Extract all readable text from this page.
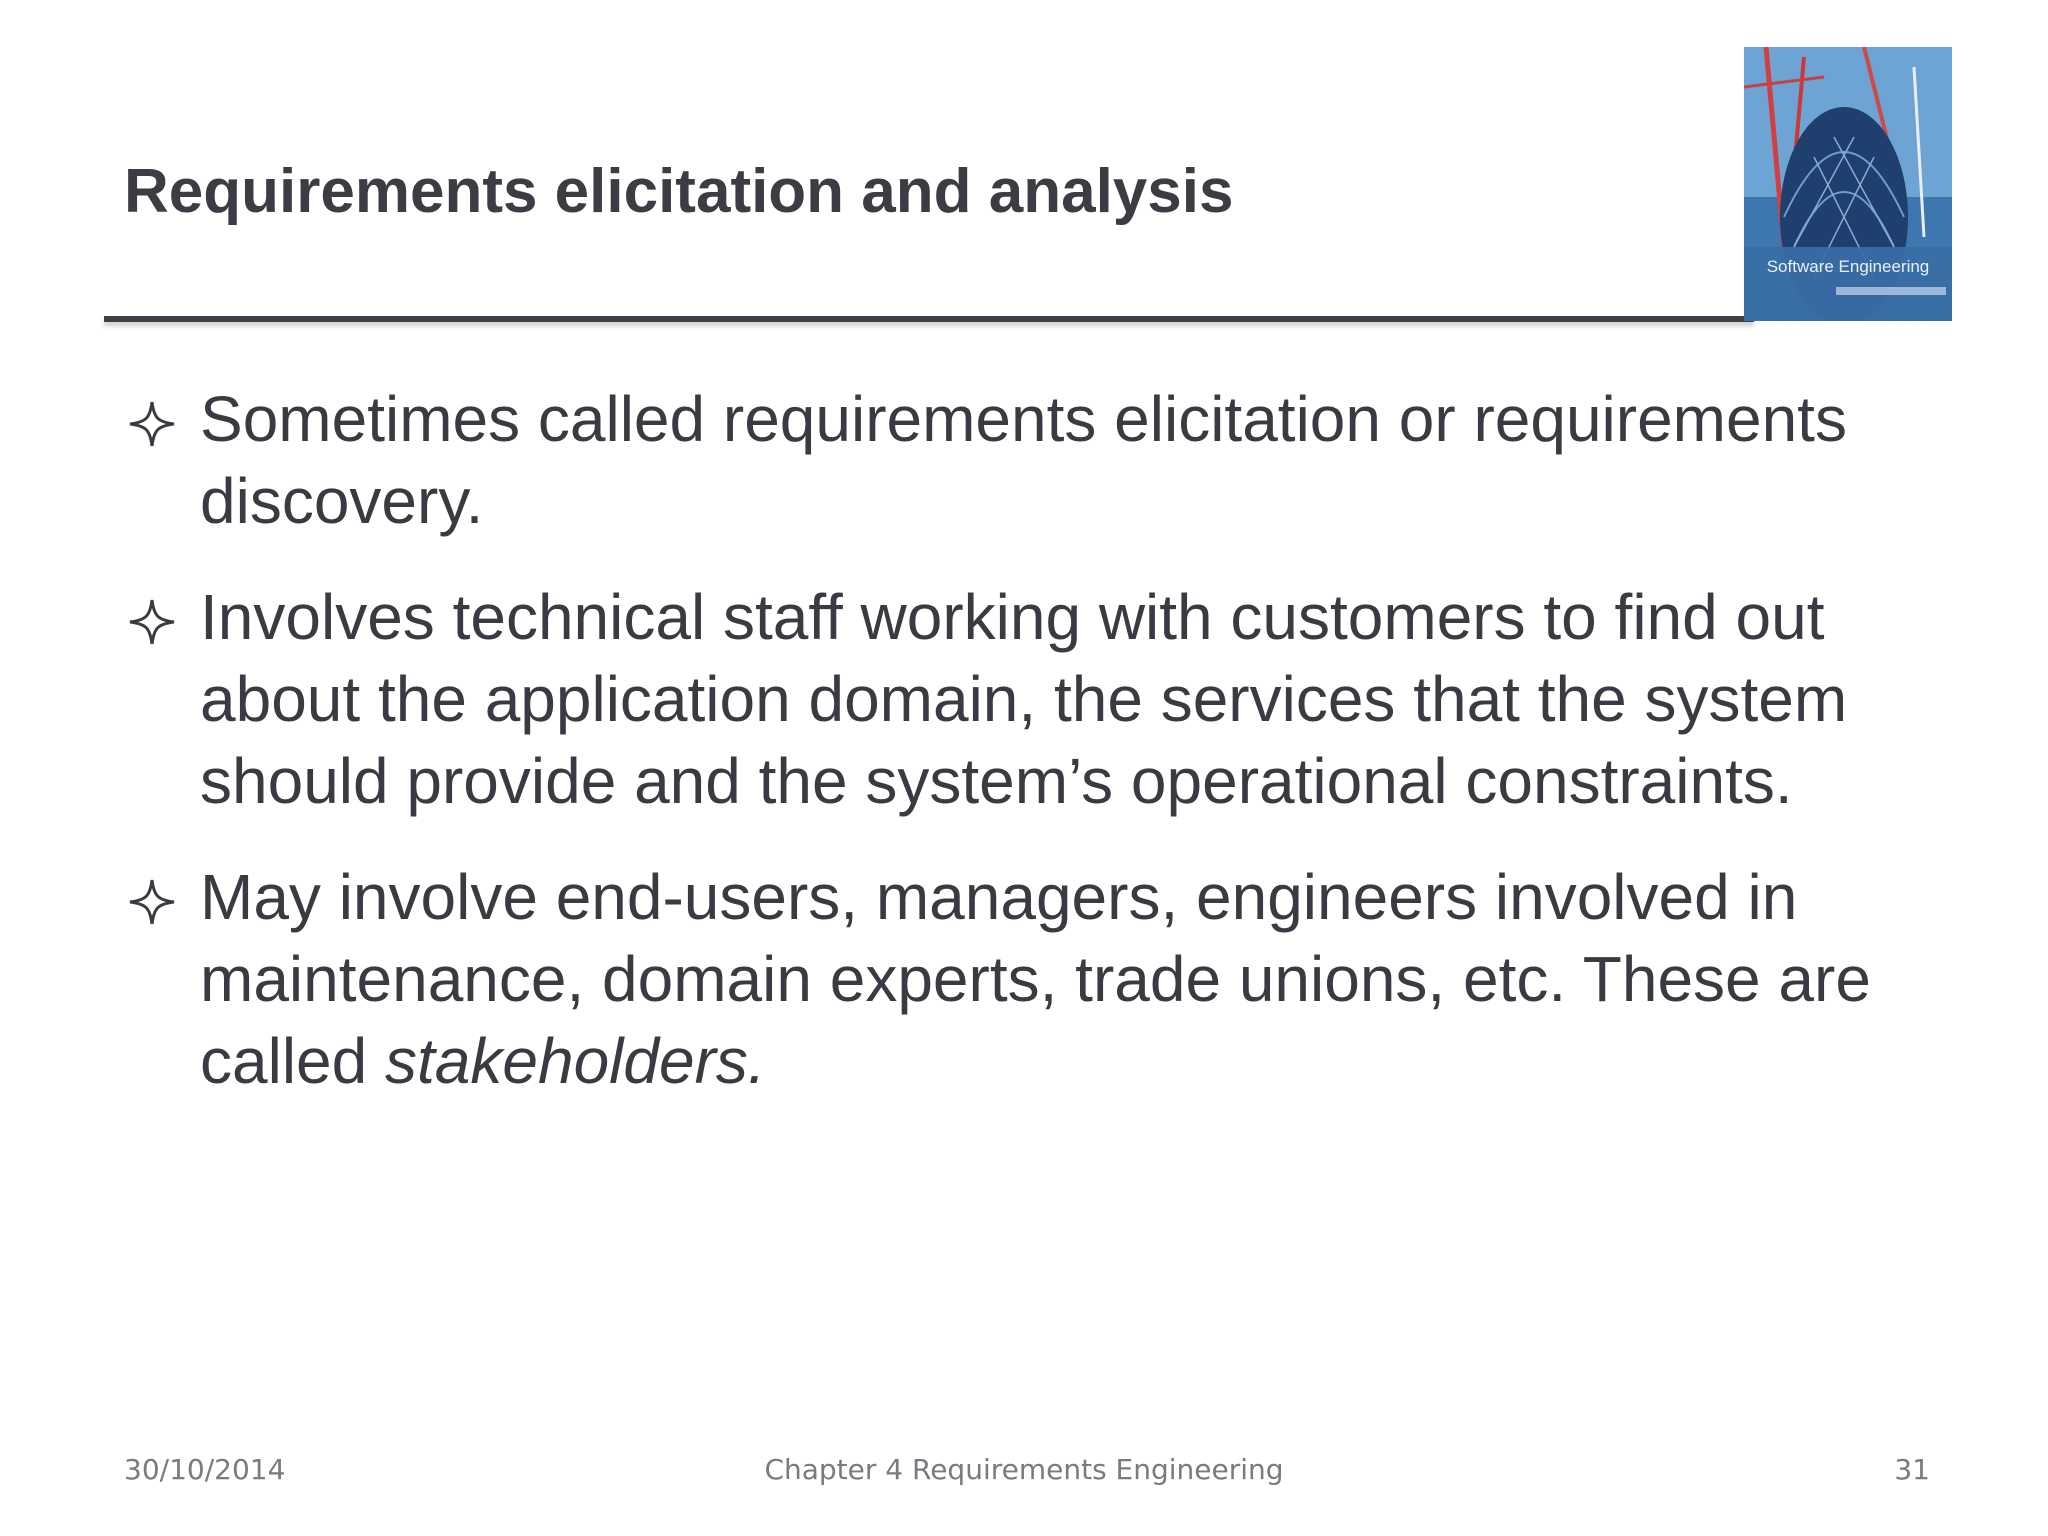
Requirements elicitation and analysis
Software Engineering
Sometimes called requirements elicitation or requirements discovery.
Involves technical staff working with customers to find out about the application domain, the services that the system should provide and the system’s operational constraints.
May involve end-users, managers, engineers involved in maintenance, domain experts, trade unions, etc. These are called stakeholders.
30/10/2014	Chapter 4 Requirements Engineering	31
